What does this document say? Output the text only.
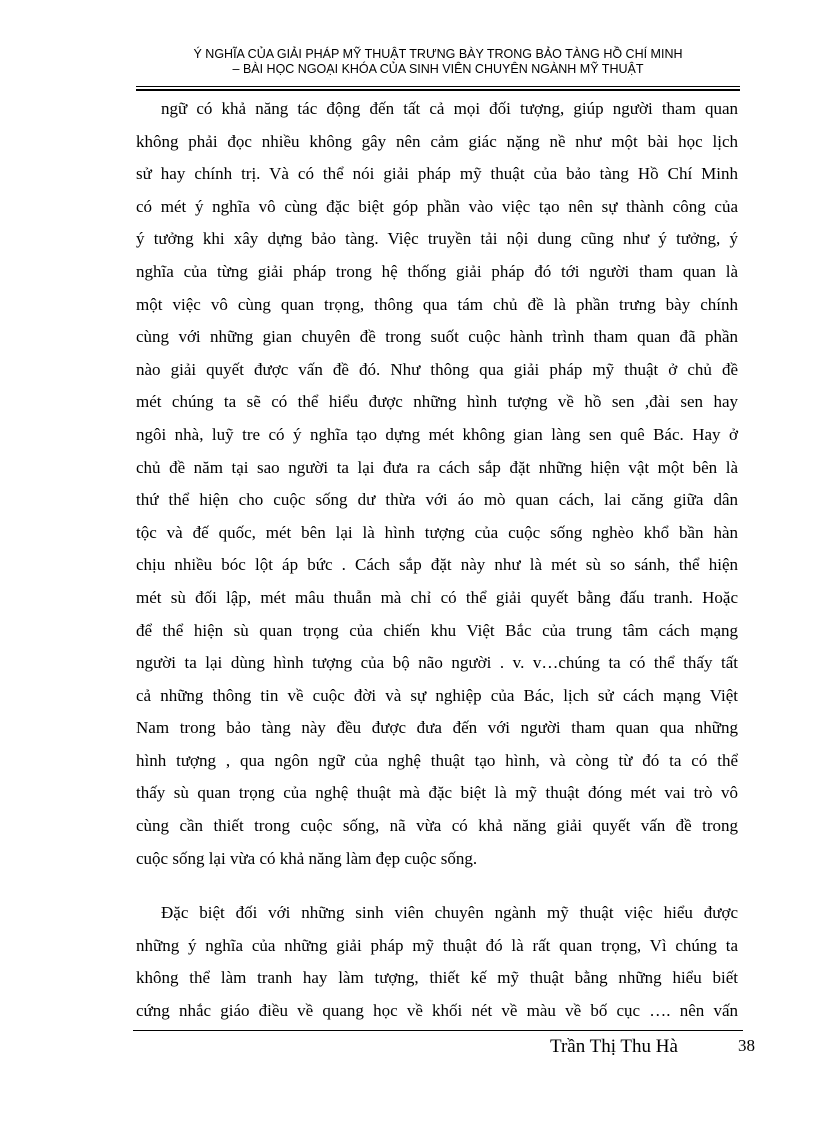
Ý NGHĨA CỦA GIẢI PHÁP MỸ THUẬT TRƯNG BÀY TRONG BẢO TÀNG HỒ CHÍ MINH
– BÀI HỌC NGOẠI KHÓA CỦA SINH VIÊN CHUYÊN NGÀNH MỸ THUẬT
ngữ có khả năng tác động đến tất cả mọi đối tượng, giúp người tham quan
không phải đọc nhiều không gây nên cảm giác nặng nề như một bài học lịch
sử hay chính trị. Và có thể nói giải pháp mỹ thuật của bảo tàng Hồ Chí Minh
có mét ý nghĩa vô cùng đặc biệt góp phần vào việc tạo nên sự thành công của
ý tưởng khi xây dựng bảo tàng. Việc truyền tải nội dung cũng như ý tưởng, ý
nghĩa của từng giải pháp trong hệ thống giải pháp đó tới người tham quan là
một việc vô cùng quan trọng, thông qua tám chủ đề là phần trưng bày chính
cùng với những gian chuyên đề trong suốt cuộc hành trình tham quan đã phần
nào giải quyết được vấn đề đó. Như thông qua giải pháp mỹ thuật ở chủ đề
mét chúng ta sẽ có thể hiểu được những hình tượng về hồ sen ,đài sen hay
ngôi nhà, luỹ tre có ý nghĩa tạo dựng mét không gian làng sen quê Bác. Hay ở
chủ đề năm tại sao người ta lại đưa ra cách sắp đặt những hiện vật một bên là
thứ thể hiện cho cuộc sống dư thừa với áo mò quan cách, lai căng giữa dân
tộc và đế quốc, mét bên lại là hình tượng của cuộc sống nghèo khổ bần hàn
chịu nhiều bóc lột áp bức . Cách sắp đặt này như là mét sù so sánh, thể hiện
mét sù đối lập, mét mâu thuẫn mà chỉ có thể giải quyết bằng đấu tranh. Hoặc
để thể hiện sù quan trọng của chiến khu Việt Bắc của trung tâm cách mạng
người ta lại dùng hình tượng của bộ não người . v. v…chúng ta có thể thấy tất
cả những thông tin về cuộc đời và sự nghiệp của Bác, lịch sử cách mạng Việt
Nam trong bảo tàng này đều được đưa đến với người tham quan qua những
hình tượng , qua ngôn ngữ của nghệ thuật tạo hình, và còng từ đó ta có thể
thấy sù quan trọng của nghệ thuật mà đặc biệt là mỹ thuật đóng mét vai trò vô
cùng cần thiết trong cuộc sống, nã vừa có khả năng giải quyết vấn đề trong
cuộc sống lại vừa có khả năng làm đẹp cuộc sống.
Đặc biệt đối với những sinh viên chuyên ngành mỹ thuật việc hiểu được
những ý nghĩa của những giải pháp mỹ thuật đó là rất quan trọng, Vì chúng ta
không thể làm tranh hay làm tượng, thiết kế mỹ thuật bằng những hiểu biết
cứng nhắc giáo điều về quang học về khối nét về màu về bố cục …. nên vấn
Trần Thị Thu Hà	38
